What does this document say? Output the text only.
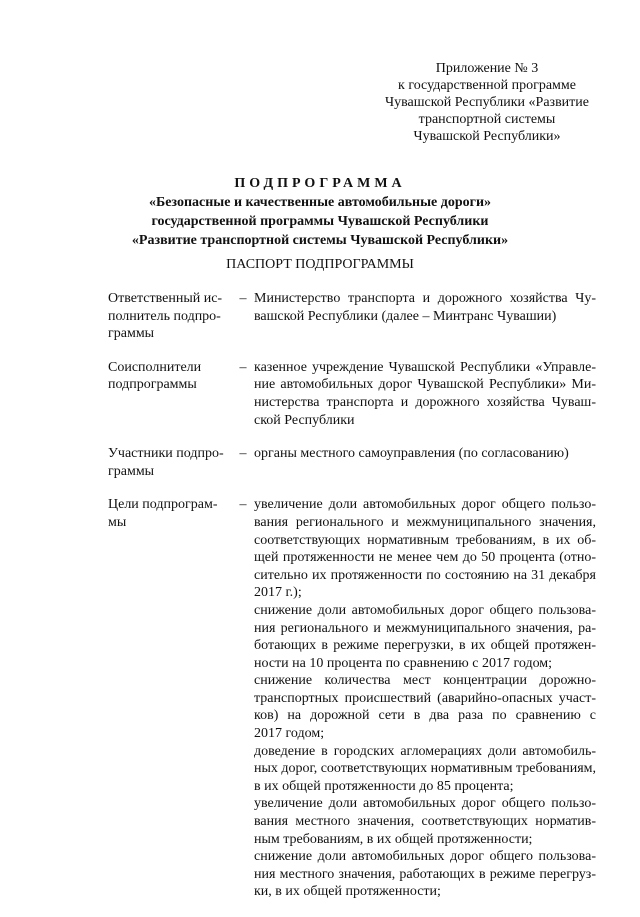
Приложение № 3
к государственной программе
Чувашской Республики «Развитие
транспортной системы
Чувашской Республики»
ПОДПРОГРАММА
«Безопасные и качественные автомобильные дороги»
государственной программы Чувашской Республики
«Развитие транспортной системы Чувашской Республики»
ПАСПОРТ ПОДПРОГРАММЫ
Ответственный ис-
полнитель подпро-
граммы
– Министерство транспорта и дорожного хозяйства Чу-
вашской Республики (далее – Минтранс Чувашии)
Соисполнители
подпрограммы
– казенное учреждение Чувашской Республики «Управле-
ние автомобильных дорог Чувашской Республики» Ми-
нистерства транспорта и дорожного хозяйства Чуваш-
ской Республики
Участники подпро-
граммы
– органы местного самоуправления (по согласованию)
Цели подпрограм-
мы
– увеличение доли автомобильных дорог общего пользо-
вания регионального и межмуниципального значения,
соответствующих нормативным требованиям, в их об-
щей протяженности не менее чем до 50 процента (отно-
сительно их протяженности по состоянию на 31 декабря
2017 г.);
снижение доли автомобильных дорог общего пользова-
ния регионального и межмуниципального значения, ра-
ботающих в режиме перегрузки, в их общей протяжен-
ности на 10 процента по сравнению с 2017 годом;
снижение количества мест концентрации дорожно-
транспортных происшествий (аварийно-опасных участ-
ков) на дорожной сети в два раза по сравнению с
2017 годом;
доведение в городских агломерациях доли автомобиль-
ных дорог, соответствующих нормативным требованиям,
в их общей протяженности до 85 процента;
увеличение доли автомобильных дорог общего пользо-
вания местного значения, соответствующих норматив-
ным требованиям, в их общей протяженности;
снижение доли автомобильных дорог общего пользова-
ния местного значения, работающих в режиме перегруз-
ки, в их общей протяженности;
